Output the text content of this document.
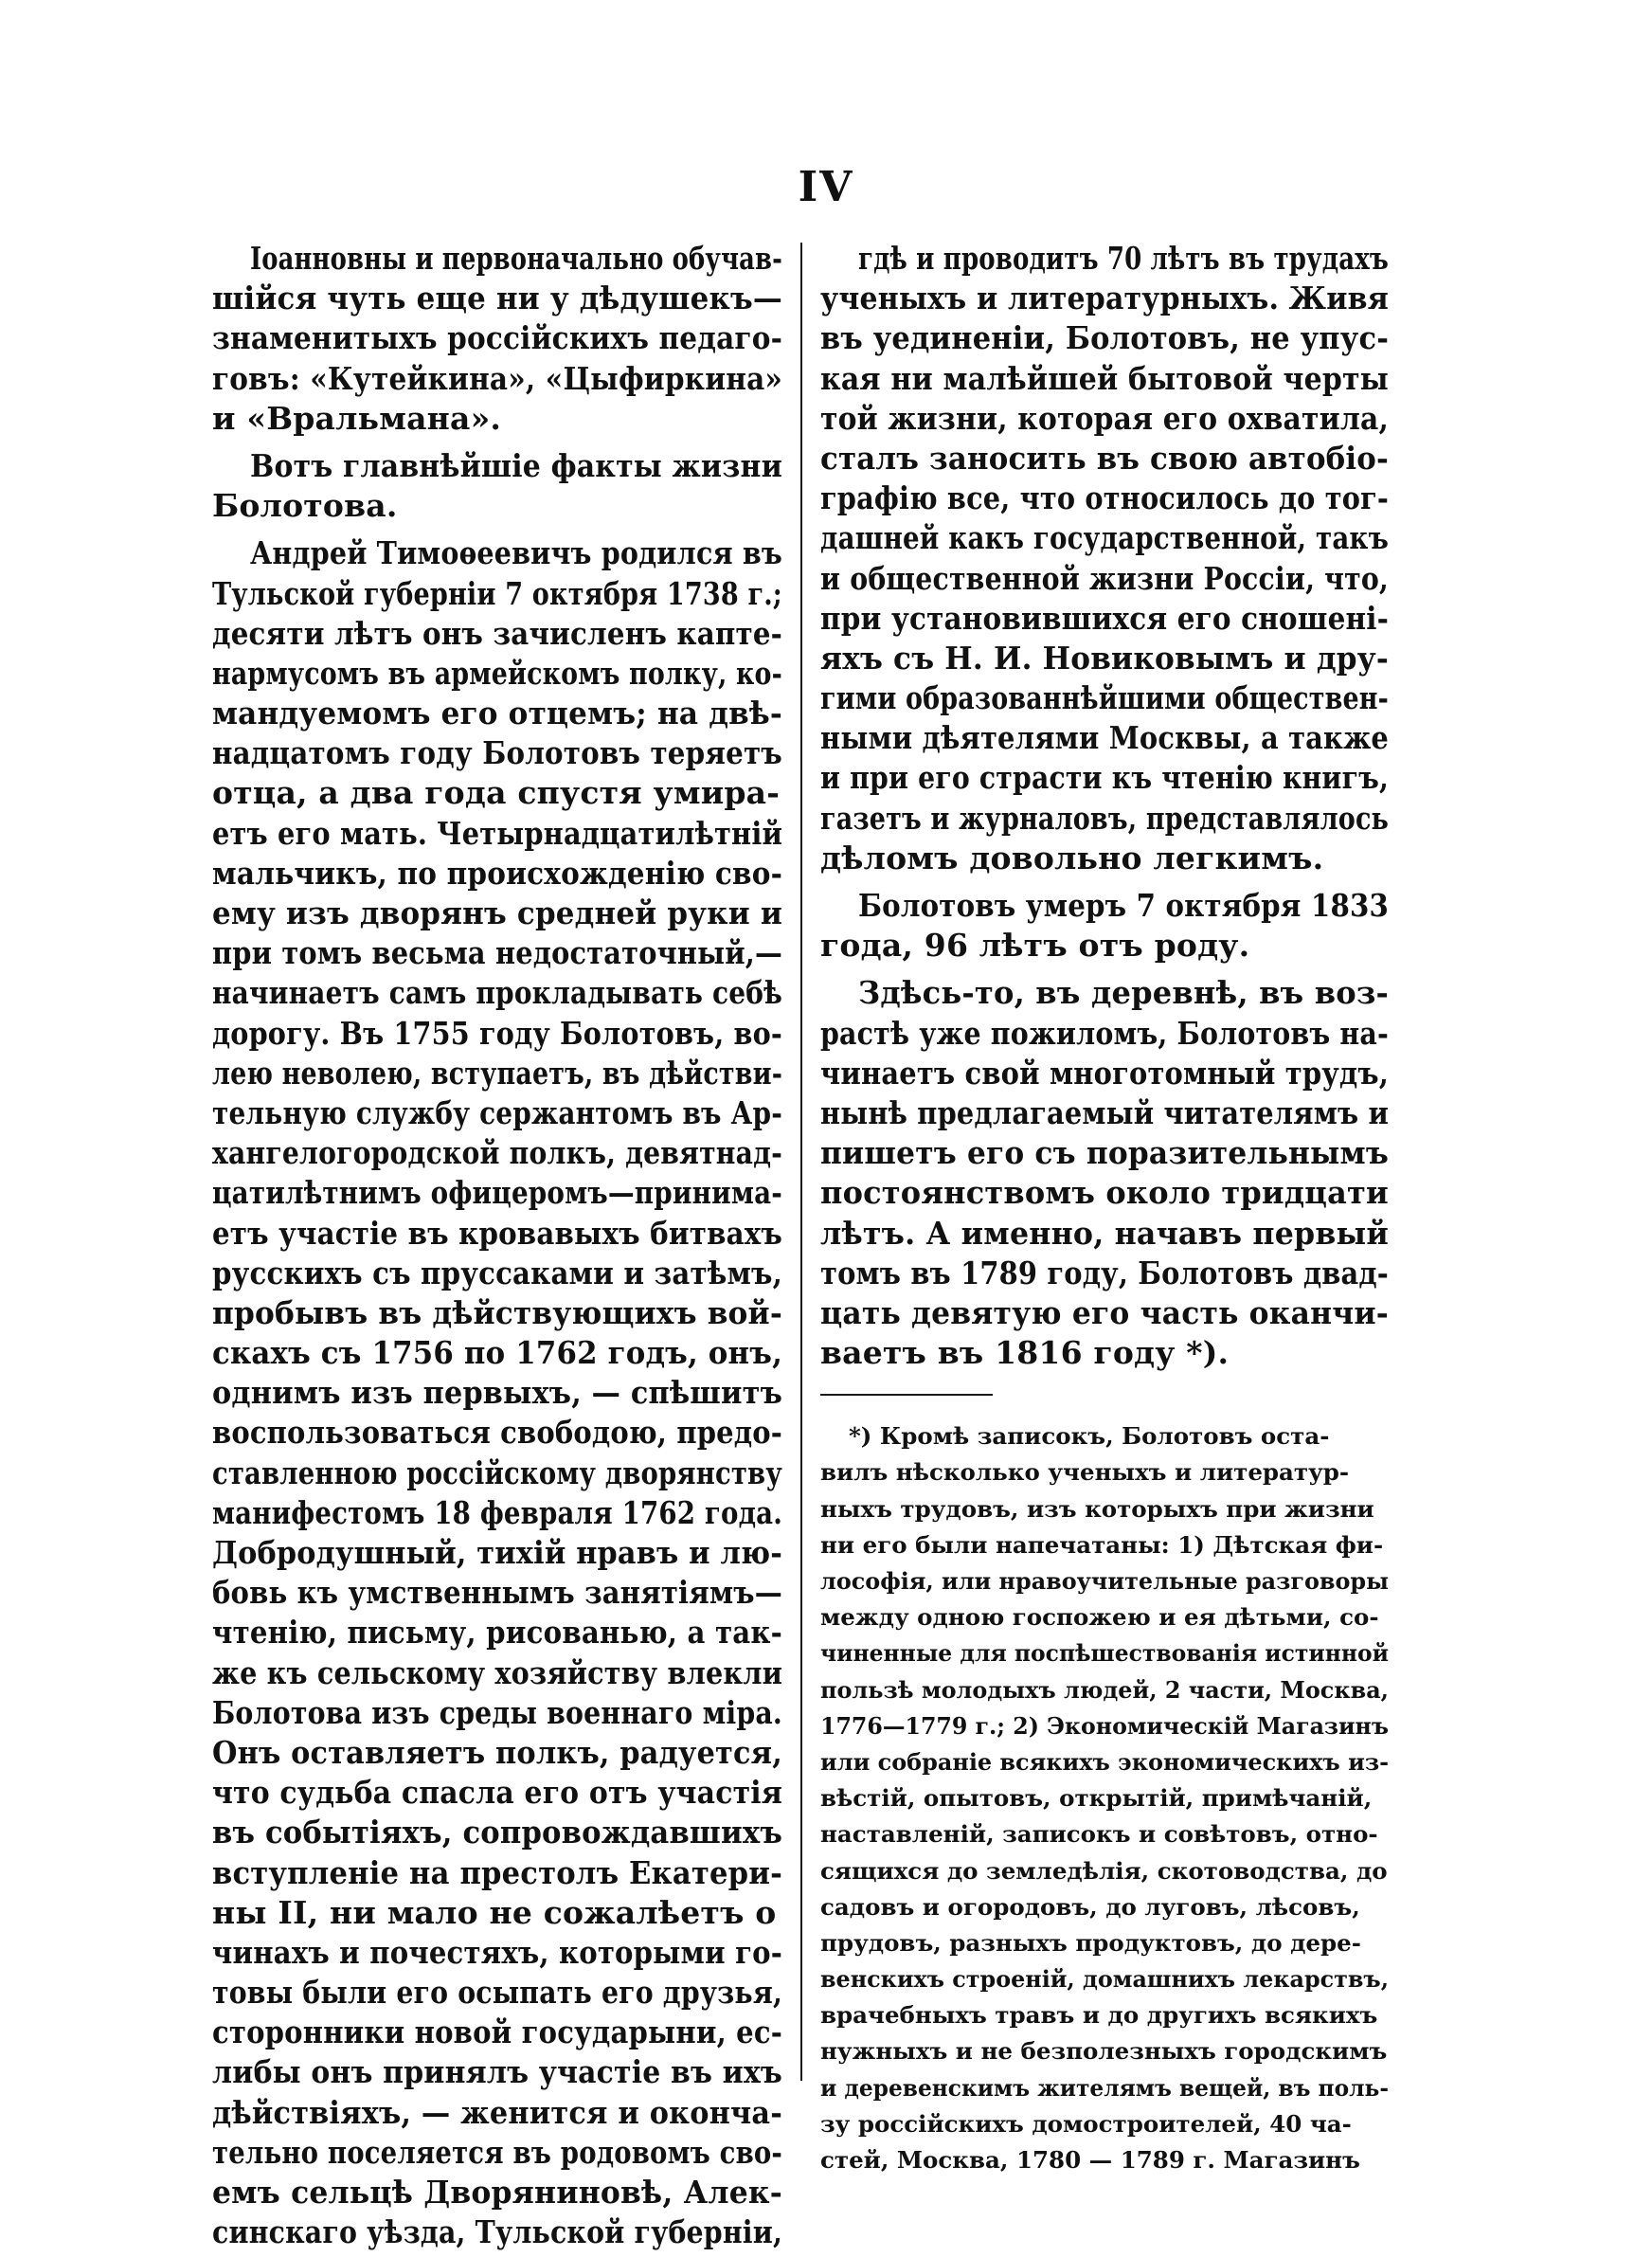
IV
Іоанновны и первоначально обучав-
шійся чуть еще ни у дѣдушекъ—
знаменитыхъ россійскихъ педаго-
говъ: «Кутейкина», «Цыфиркина»
и «Вральмана».
Вотъ главнѣйшіе факты жизни
Болотова.
Андрей Тимоѳеевичъ родился въ
Тульской губерніи 7 октября 1738 г.;
десяти лѣтъ онъ зачисленъ капте-
нармусомъ въ армейскомъ полку, ко-
мандуемомъ его отцемъ; на двѣ-
надцатомъ году Болотовъ теряетъ
отца, а два года спустя умира-
етъ его мать. Четырнадцатилѣтній
мальчикъ, по происхожденію сво-
ему изъ дворянъ средней руки и
при томъ весьма недостаточный,—
начинаетъ самъ прокладывать себѣ
дорогу. Въ 1755 году Болотовъ, во-
лею неволею, вступаетъ, въ дѣйстви-
тельную службу сержантомъ въ Ар-
хангелогородской полкъ, девятнад-
цатилѣтнимъ офицеромъ—принима-
етъ участіе въ кровавыхъ битвахъ
русскихъ съ пруссаками и затѣмъ,
пробывъ въ дѣйствующихъ вой-
скахъ съ 1756 по 1762 годъ, онъ,
однимъ изъ первыхъ, — спѣшитъ
воспользоваться свободою, предо-
ставленною россійскому дворянству
манифестомъ 18 февраля 1762 года.
Добродушный, тихій нравъ и лю-
бовь къ умственнымъ занятіямъ—
чтенію, письму, рисованью, а так-
же къ сельскому хозяйству влекли
Болотова изъ среды военнаго міра.
Онъ оставляетъ полкъ, радуется,
что судьба спасла его отъ участія
въ событіяхъ, сопровождавшихъ
вступленіе на престолъ Екатери-
ны II, ни мало не сожалѣетъ о
чинахъ и почестяхъ, которыми го-
товы были его осыпать его друзья,
сторонники новой государыни, ес-
либы онъ принялъ участіе въ ихъ
дѣйствіяхъ, — женится и оконча-
тельно поселяется въ родовомъ сво-
емъ сельцѣ Дворяниновѣ, Алек-
синскаго уѣзда, Тульской губерніи,
гдѣ и проводитъ 70 лѣтъ въ трудахъ
ученыхъ и литературныхъ. Живя
въ уединеніи, Болотовъ, не упус-
кая ни малѣйшей бытовой черты
той жизни, которая его охватила,
сталъ заносить въ свою автобіо-
графію все, что относилось до тог-
дашней какъ государственной, такъ
и общественной жизни Россіи, что,
при установившихся его сношені-
яхъ съ Н. И. Новиковымъ и дру-
гими образованнѣйшими обществен-
ными дѣятелями Москвы, а также
и при его страсти къ чтенію книгъ,
газетъ и журналовъ, представлялось
дѣломъ довольно легкимъ.
Болотовъ умеръ 7 октября 1833
года, 96 лѣтъ отъ роду.
Здѣсь-то, въ деревнѣ, въ воз-
растѣ уже пожиломъ, Болотовъ на-
чинаетъ свой многотомный трудъ,
нынѣ предлагаемый читателямъ и
пишетъ его съ поразительнымъ
постоянствомъ около тридцати
лѣтъ. А именно, начавъ первый
томъ въ 1789 году, Болотовъ двад-
цать девятую его часть оканчи-
ваетъ въ 1816 году *).
*) Кромѣ записокъ, Болотовъ оста-
вилъ нѣсколько ученыхъ и литератур-
ныхъ трудовъ, изъ которыхъ при жизни
ни его были напечатаны: 1) Дѣтская фи-
лософія, или нравоучительные разговоры
между одною госпожею и ея дѣтьми, со-
чиненные для поспѣшествованія истинной
пользѣ молодыхъ людей, 2 части, Москва,
1776—1779 г.; 2) Экономическій Магазинъ
или собраніе всякихъ экономическихъ из-
вѣстій, опытовъ, открытій, примѣчаній,
наставленій, записокъ и совѣтовъ, отно-
сящихся до земледѣлія, скотоводства, до
садовъ и огородовъ, до луговъ, лѣсовъ,
прудовъ, разныхъ продуктовъ, до дере-
венскихъ строеній, домашнихъ лекарствъ,
врачебныхъ травъ и до другихъ всякихъ
нужныхъ и не безполезныхъ городскимъ
и деревенскимъ жителямъ вещей, въ поль-
зу россійскихъ домостроителей, 40 ча-
стей, Москва, 1780 — 1789 г. Магазинъ
